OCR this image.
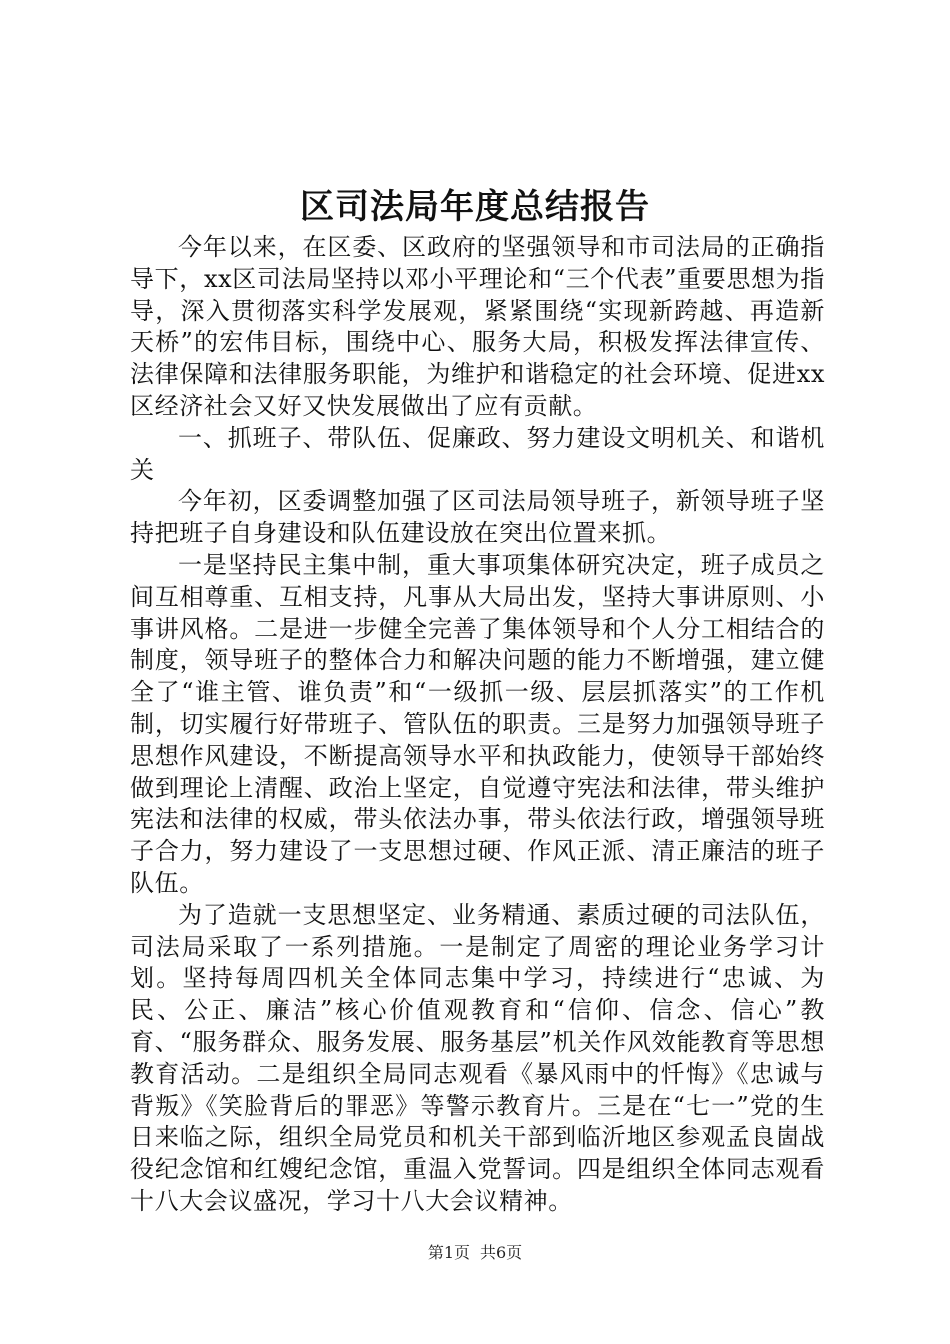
区司法局年度总结报告

今年以来，在区委、区政府的坚强领导和市司法局的正确指导下，xx区司法局坚持以邓小平理论和“三个代表”重要思想为指导，深入贯彻落实科学发展观，紧紧围绕“实现新跨越、再造新天桥”的宏伟目标，围绕中心、服务大局，积极发挥法律宣传、法律保障和法律服务职能，为维护和谐稳定的社会环境、促进xx区经济社会又好又快发展做出了应有贡献。

一、抓班子、带队伍、促廉政、努力建设文明机关、和谐机关

今年初，区委调整加强了区司法局领导班子，新领导班子坚持把班子自身建设和队伍建设放在突出位置来抓。

一是坚持民主集中制，重大事项集体研究决定，班子成员之间互相尊重、互相支持，凡事从大局出发，坚持大事讲原则、小事讲风格。二是进一步健全完善了集体领导和个人分工相结合的制度，领导班子的整体合力和解决问题的能力不断增强，建立健全了“谁主管、谁负责”和“一级抓一级、层层抓落实”的工作机制，切实履行好带班子、管队伍的职责。三是努力加强领导班子思想作风建设，不断提高领导水平和执政能力，使领导干部始终做到理论上清醒、政治上坚定，自觉遵守宪法和法律，带头维护宪法和法律的权威，带头依法办事，带头依法行政，增强领导班子合力，努力建设了一支思想过硬、作风正派、清正廉洁的班子队伍。

为了造就一支思想坚定、业务精通、素质过硬的司法队伍，司法局采取了一系列措施。一是制定了周密的理论业务学习计划。坚持每周四机关全体同志集中学习，持续进行“忠诚、为民、公正、廉洁”核心价值观教育和“信仰、信念、信心”教育、“服务群众、服务发展、服务基层”机关作风效能教育等思想教育活动。二是组织全局同志观看《暴风雨中的忏悔》《忠诚与背叛》《笑脸背后的罪恶》等警示教育片。三是在“七一”党的生日来临之际，组织全局党员和机关干部到临沂地区参观孟良崮战役纪念馆和红嫂纪念馆，重温入党誓词。四是组织全体同志观看十八大会议盛况，学习十八大会议精神。

第1页 共6页
